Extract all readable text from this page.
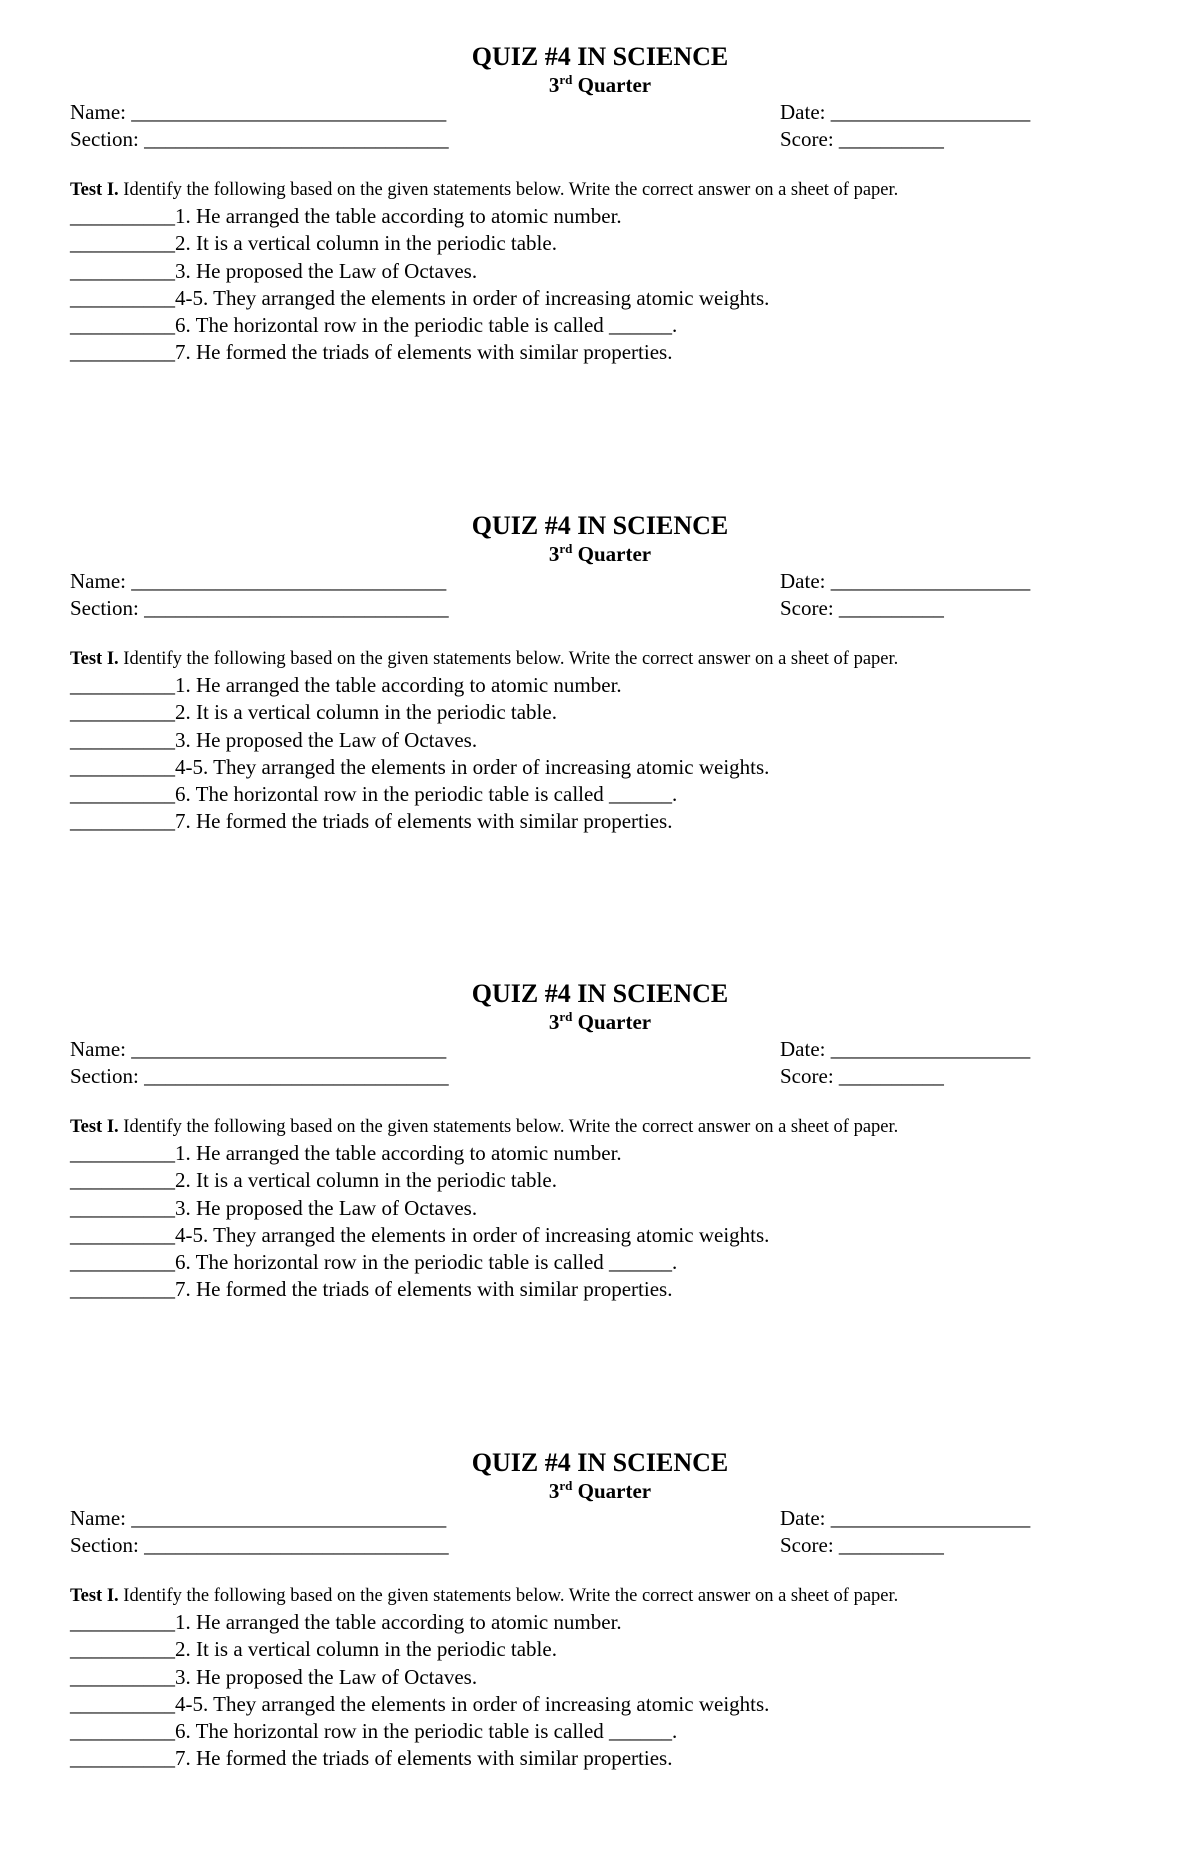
QUIZ #4 IN SCIENCE
3rd Quarter
Name: ______________________________
Section: _____________________________
Date: ___________________
Score: __________
Test I. Identify the following based on the given statements below. Write the correct answer on a sheet of paper.
__________1. He arranged the table according to atomic number.
__________2. It is a vertical column in the periodic table.
__________3. He proposed the Law of Octaves.
__________4-5. They arranged the elements in order of increasing atomic weights.
__________6. The horizontal row in the periodic table is called ______.
__________7. He formed the triads of elements with similar properties.
QUIZ #4 IN SCIENCE
3rd Quarter
Name: ______________________________
Section: _____________________________
Date: ___________________
Score: __________
Test I. Identify the following based on the given statements below. Write the correct answer on a sheet of paper.
__________1. He arranged the table according to atomic number.
__________2. It is a vertical column in the periodic table.
__________3. He proposed the Law of Octaves.
__________4-5. They arranged the elements in order of increasing atomic weights.
__________6. The horizontal row in the periodic table is called ______.
__________7. He formed the triads of elements with similar properties.
QUIZ #4 IN SCIENCE
3rd Quarter
Name: ______________________________
Section: _____________________________
Date: ___________________
Score: __________
Test I. Identify the following based on the given statements below. Write the correct answer on a sheet of paper.
__________1. He arranged the table according to atomic number.
__________2. It is a vertical column in the periodic table.
__________3. He proposed the Law of Octaves.
__________4-5. They arranged the elements in order of increasing atomic weights.
__________6. The horizontal row in the periodic table is called ______.
__________7. He formed the triads of elements with similar properties.
QUIZ #4 IN SCIENCE
3rd Quarter
Name: ______________________________
Section: _____________________________
Date: ___________________
Score: __________
Test I. Identify the following based on the given statements below. Write the correct answer on a sheet of paper.
__________1. He arranged the table according to atomic number.
__________2. It is a vertical column in the periodic table.
__________3. He proposed the Law of Octaves.
__________4-5. They arranged the elements in order of increasing atomic weights.
__________6. The horizontal row in the periodic table is called ______.
__________7. He formed the triads of elements with similar properties.
